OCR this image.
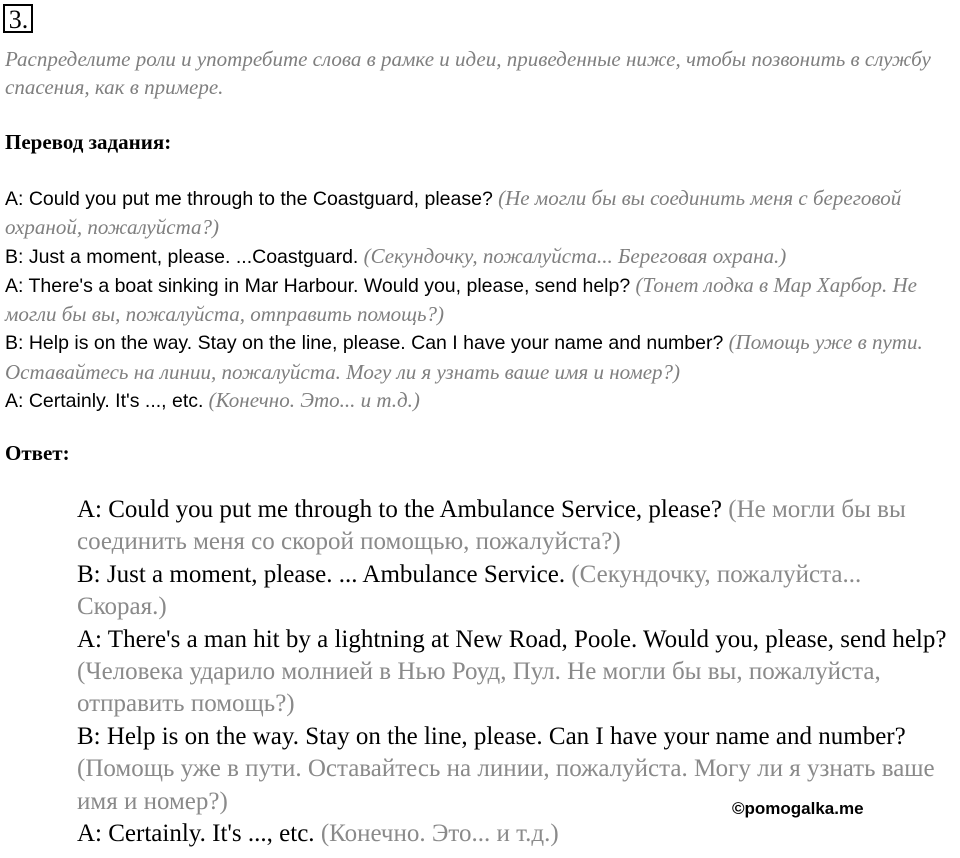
3.
Распределите роли и употребите слова в рамке и идеи, приведенные ниже, чтобы позвонить в службу спасения, как в примере.
Перевод задания:
A: Could you put me through to the Coastguard, please? (Не могли бы вы соединить меня с береговой охраной, пожалуйста?)
B: Just a moment, please. ...Coastguard. (Секундочку, пожалуйста... Береговая охрана.)
A: There's a boat sinking in Mar Harbour. Would you, please, send help? (Тонет лодка в Мар Харбор. Не могли бы вы, пожалуйста, отправить помощь?)
B: Help is on the way. Stay on the line, please. Can I have your name and number? (Помощь уже в пути. Оставайтесь на линии, пожалуйста. Могу ли я узнать ваше имя и номер?)
A: Certainly. It's ..., etc. (Конечно. Это... и т.д.)
Ответ:
A: Could you put me through to the Ambulance Service, please? (Не могли бы вы соединить меня со скорой помощью, пожалуйста?)
B: Just a moment, please. ... Ambulance Service. (Секундочку, пожалуйста... Скорая.)
A: There's a man hit by a lightning at New Road, Poole. Would you, please, send help? (Человека ударило молнией в Нью Роуд, Пул. Не могли бы вы, пожалуйста, отправить помощь?)
B: Help is on the way. Stay on the line, please. Can I have your name and number? (Помощь уже в пути. Оставайтесь на линии, пожалуйста. Могу ли я узнать ваше имя и номер?)
A: Certainly. It's ..., etc. (Конечно. Это... и т.д.)
©pomogalka.me
